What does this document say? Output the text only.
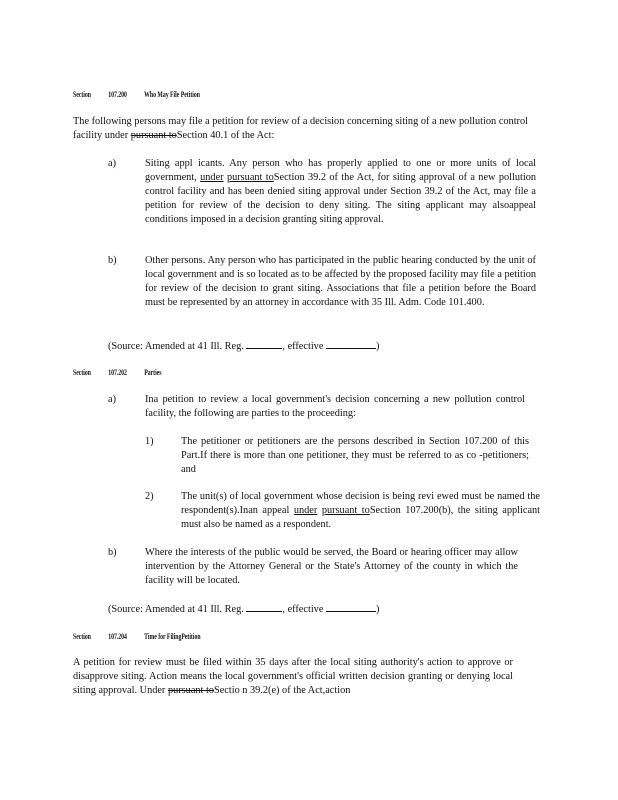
Section 107.200 Who May File Petition
The following persons may file a petition for review of a decision concerning siting of a new pollution control facility under pursuant toSection 40.1 of the Act:
a)	Siting appl icants. Any person who has properly applied to one or more units of local government, under pursuant toSection 39.2 of the Act, for siting approval of a new pollution control facility and has been denied siting approval under Section 39.2 of the Act, may file a petition for review of the decision to deny siting. The siting applicant may alsoappeal conditions imposed in a decision granting siting approval.
b)	Other persons. Any person who has participated in the public hearing conducted by the unit of local government and is so located as to be affected by the proposed facility may file a petition for review of the decision to grant siting. Associations that file a petition before the Board must be represented by an attorney in accordance with 35 Ill. Adm. Code 101.400.
(Source: Amended at 41 Ill. Reg.	, effective	)
Section 107.202 Parties
a)	Ina petition to review a local government's decision concerning a new pollution control facility, the following are parties to the proceeding:
1)	The petitioner or petitioners are the persons described in Section 107.200 of this Part.If there is more than one petitioner, they must be referred to as co -petitioners; and
2)	The unit(s) of local government whose decision is being revi ewed must be named the respondent(s).Inan appeal under pursuant toSection 107.200(b), the siting applicant must also be named as a respondent.
b)	Where the interests of the public would be served, the Board or hearing officer may allow intervention by the Attorney General or the State's Attorney of the county in which the facility will be located.
(Source: Amended at 41 Ill. Reg.	, effective	)
Section 107.204 Time for FilingPetition
A petition for review must be filed within 35 days after the local siting authority's action to approve or disapprove siting. Action means the local government's official written decision granting or denying local siting approval. Under pursuant toSectio n 39.2(e) of the Act,action
